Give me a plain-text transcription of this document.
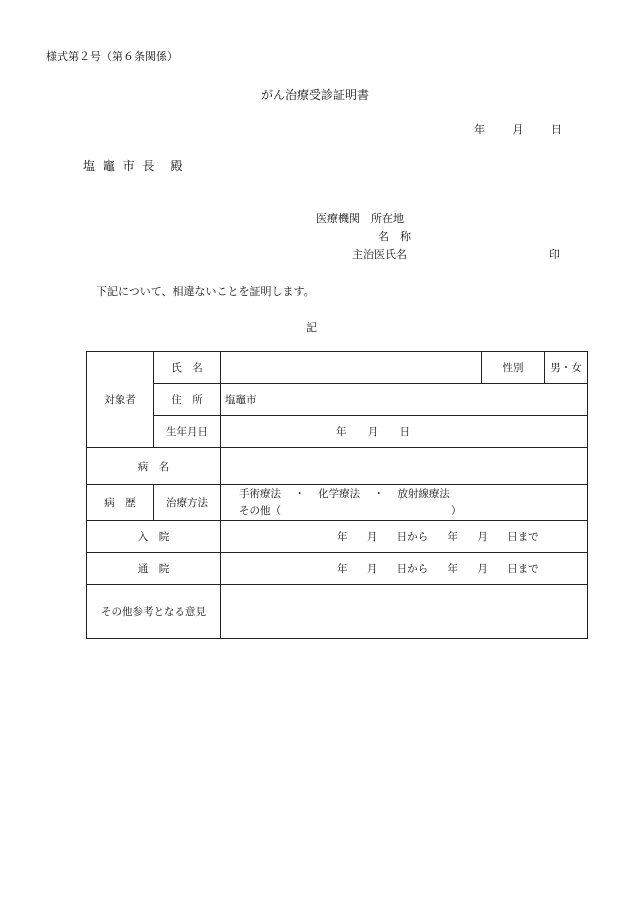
様式第２号（第６条関係）
がん治療受診証明書
年 月 日
塩 竈 市 長　殿
医療機関　所在地
名　称
主治医氏名	印
下記について、相違ないことを証明します。
記
対象者	氏　名		性別	男・女
	住　所	塩竈市		
	生年月日	年 月 日		
病　名				
病　歴	治療方法	手術療法 ・ 化学療法 ・ 放射線療法
その他（ ）		

入　院		年 月 日から 年 月 日まで		
通　院		年 月 日から 年 月 日まで		
その他参考となる意見				
